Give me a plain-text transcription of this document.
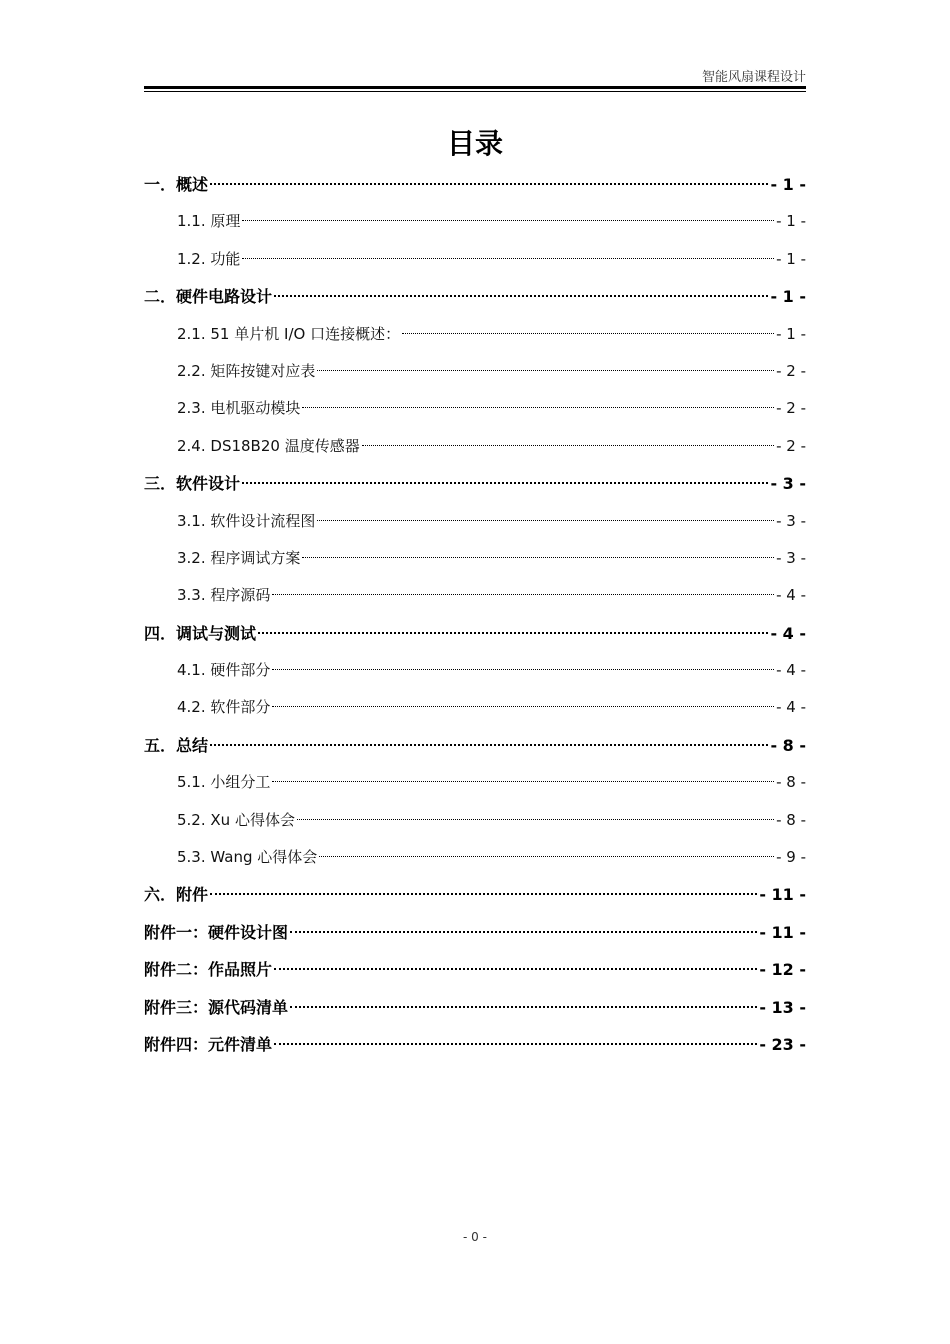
智能风扇课程设计
目录
一．概述	- 1 -
1.1. 原理	- 1 -
1.2. 功能	- 1 -
二．硬件电路设计	- 1 -
2.1. 51 单片机 I/O 口连接概述：	- 1 -
2.2. 矩阵按键对应表	- 2 -
2.3. 电机驱动模块	- 2 -
2.4. DS18B20 温度传感器	- 2 -
三．软件设计	- 3 -
3.1. 软件设计流程图	- 3 -
3.2. 程序调试方案	- 3 -
3.3. 程序源码	- 4 -
四．调试与测试	- 4 -
4.1. 硬件部分	- 4 -
4.2. 软件部分	- 4 -
五．总结	- 8 -
5.1. 小组分工	- 8 -
5.2. Xu 心得体会	- 8 -
5.3. Wang 心得体会	- 9 -
六．附件	- 11 -
附件一：硬件设计图	- 11 -
附件二：作品照片	- 12 -
附件三：源代码清单	- 13 -
附件四：元件清单	- 23 -
- 0 -
